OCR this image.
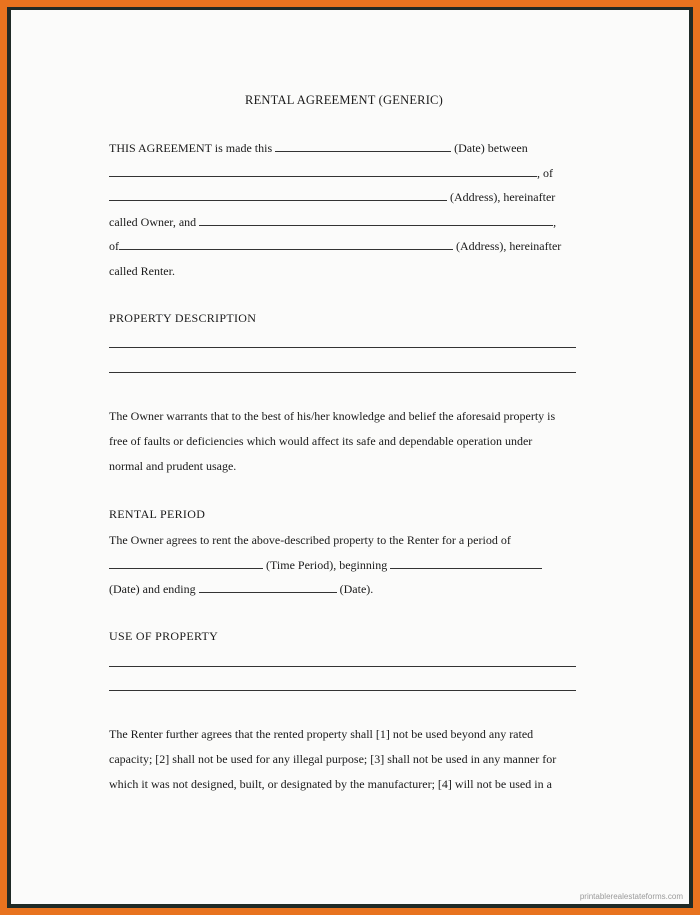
RENTAL AGREEMENT (GENERIC)
THIS AGREEMENT is made this	(Date) between
, of
(Address), hereinafter
called Owner, and	,
of	(Address), hereinafter
called Renter.
PROPERTY DESCRIPTION
The Owner warrants that to the best of his/her knowledge and belief the aforesaid property is
free of faults or deficiencies which would affect its safe and dependable operation under
normal and prudent usage.
RENTAL PERIOD
The Owner agrees to rent the above-described property to the Renter for a period of
(Time Period), beginning
(Date) and ending	(Date).
USE OF PROPERTY
The Renter further agrees that the rented property shall [1] not be used beyond any rated
capacity; [2] shall not be used for any illegal purpose; [3] shall not be used in any manner for
which it was not designed, built, or designated by the manufacturer; [4] will not be used in a
printablerealestateforms.com
